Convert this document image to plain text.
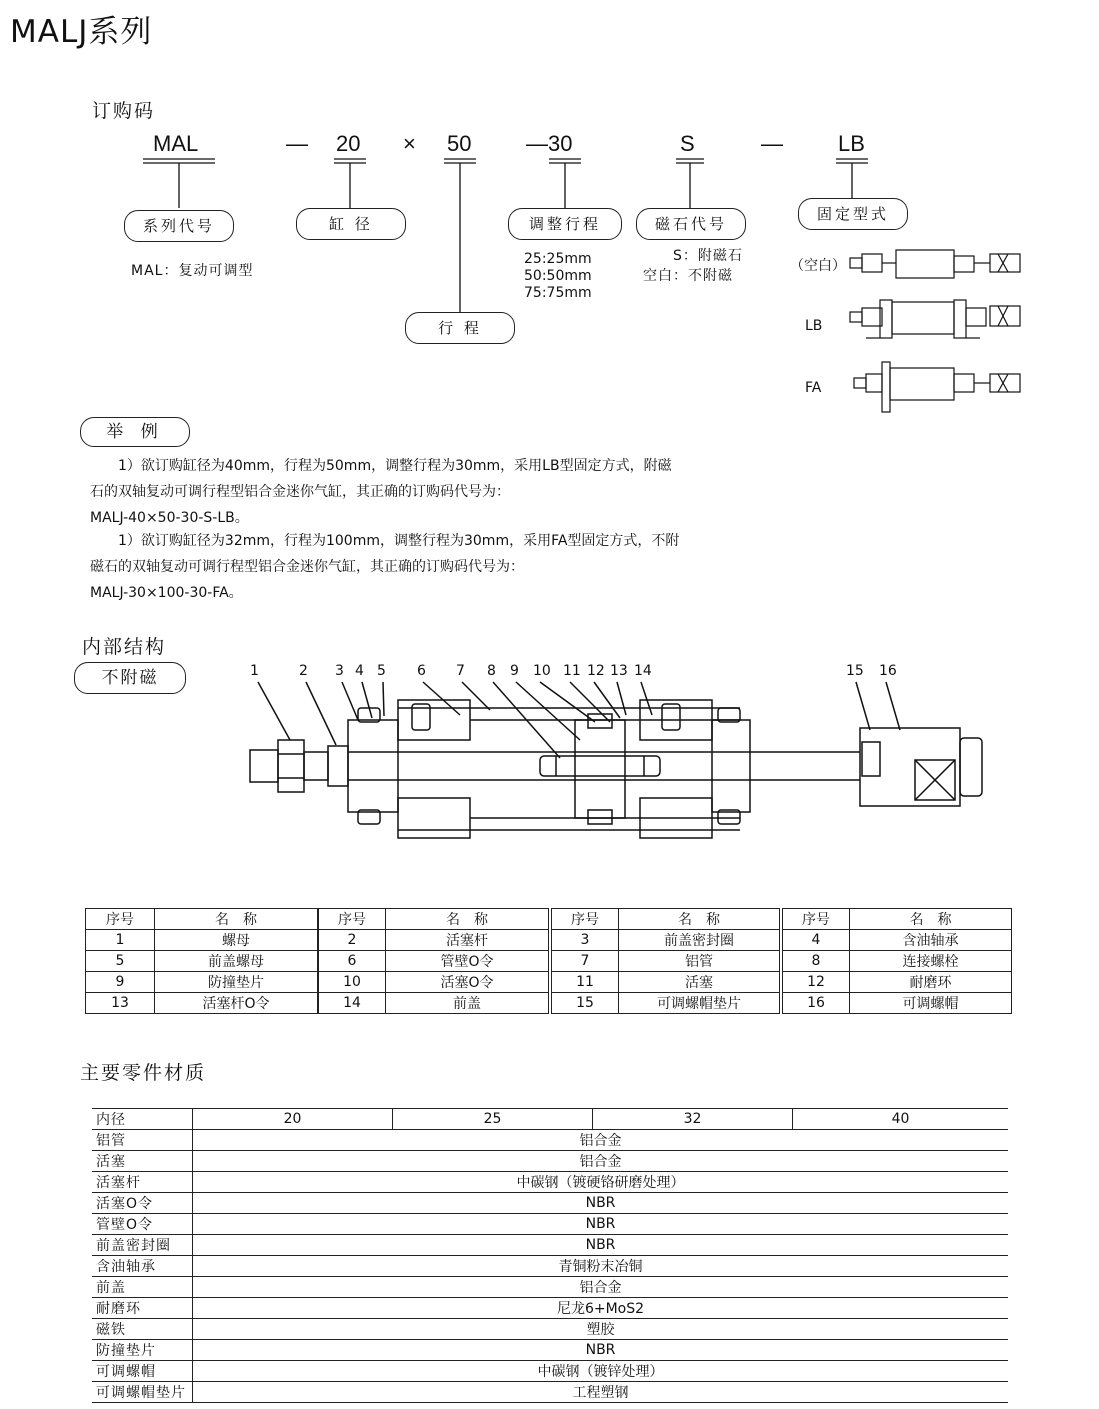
MALJ系列
订购码
MAL	— 20 × 50 —30	S	—	LB
系列代号	缸 径	调整行程	磁石代号
固定型式
行 程
MAL：复动可调型
25:25mm
50:50mm
75:75mm
S：附磁石
空白：不附磁
（空白）
LB
FA
举 例
1）欲订购缸径为40mm，行程为50mm，调整行程为30mm，采用LB型固定方式，附磁
石的双轴复动可调行程型铝合金迷你气缸，其正确的订购码代号为：
MALJ-40×50-30-S-LB。
1）欲订购缸径为32mm，行程为100mm，调整行程为30mm，采用FA型固定方式，不附
磁石的双轴复动可调行程型铝合金迷你气缸，其正确的订购码代号为：
MALJ-30×100-30-FA。
内部结构
不附磁	1	2 3 4 5 6 7 8 9 10 11 12 13 14	15 16
序号	名　称
1	螺母
5	前盖螺母
9	防撞垫片
13	活塞杆O令
序号	名　称
2	活塞杆
6	管壁O令
10	活塞O令
14	前盖
序号	名　称
3	前盖密封圈
7	铝管
11	活塞
15	可调螺帽垫片
序号	名　称
4	含油轴承
8	连接螺栓
12	耐磨环
16	可调螺帽
主要零件材质
内径	20	25	32	40
铝管	铝合金			
活塞	铝合金			
活塞杆	中碳钢（镀硬铬研磨处理）			
活塞O令	NBR			
管壁O令	NBR			
前盖密封圈	NBR			
含油轴承	青铜粉末冶铜			
前盖	铝合金			
耐磨环	尼龙6+MoS2			
磁铁	塑胶			
防撞垫片	NBR			
可调螺帽	中碳钢（镀锌处理）			
可调螺帽垫片	工程塑钢			
